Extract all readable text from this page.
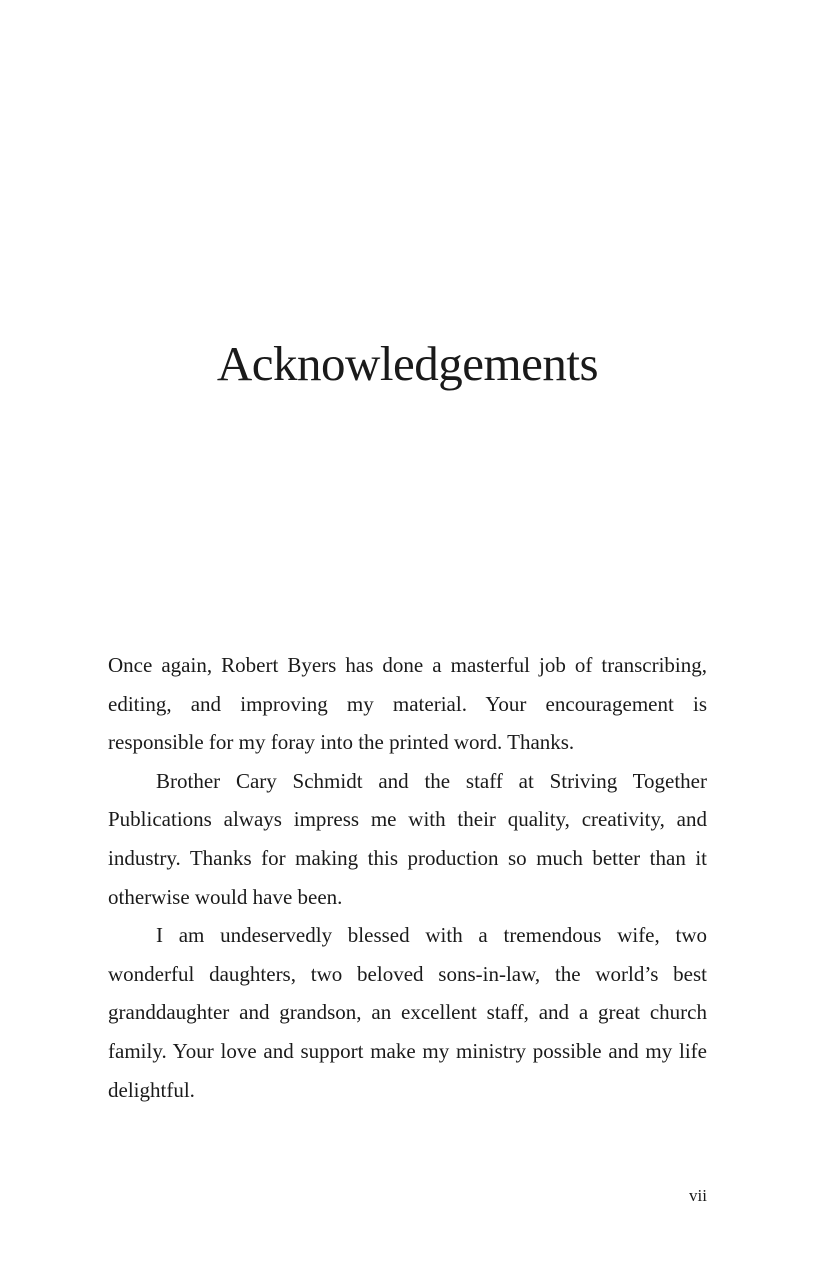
Acknowledgements

Once again, Robert Byers has done a masterful job of transcribing, editing, and improving my material. Your encouragement is responsible for my foray into the printed word. Thanks.

Brother Cary Schmidt and the staff at Striving Together Publications always impress me with their quality, creativity, and industry. Thanks for making this production so much better than it otherwise would have been.

I am undeservedly blessed with a tremendous wife, two wonderful daughters, two beloved sons-in-law, the world’s best granddaughter and grandson, an excellent staff, and a great church family. Your love and support make my ministry possible and my life delightful.

vii
